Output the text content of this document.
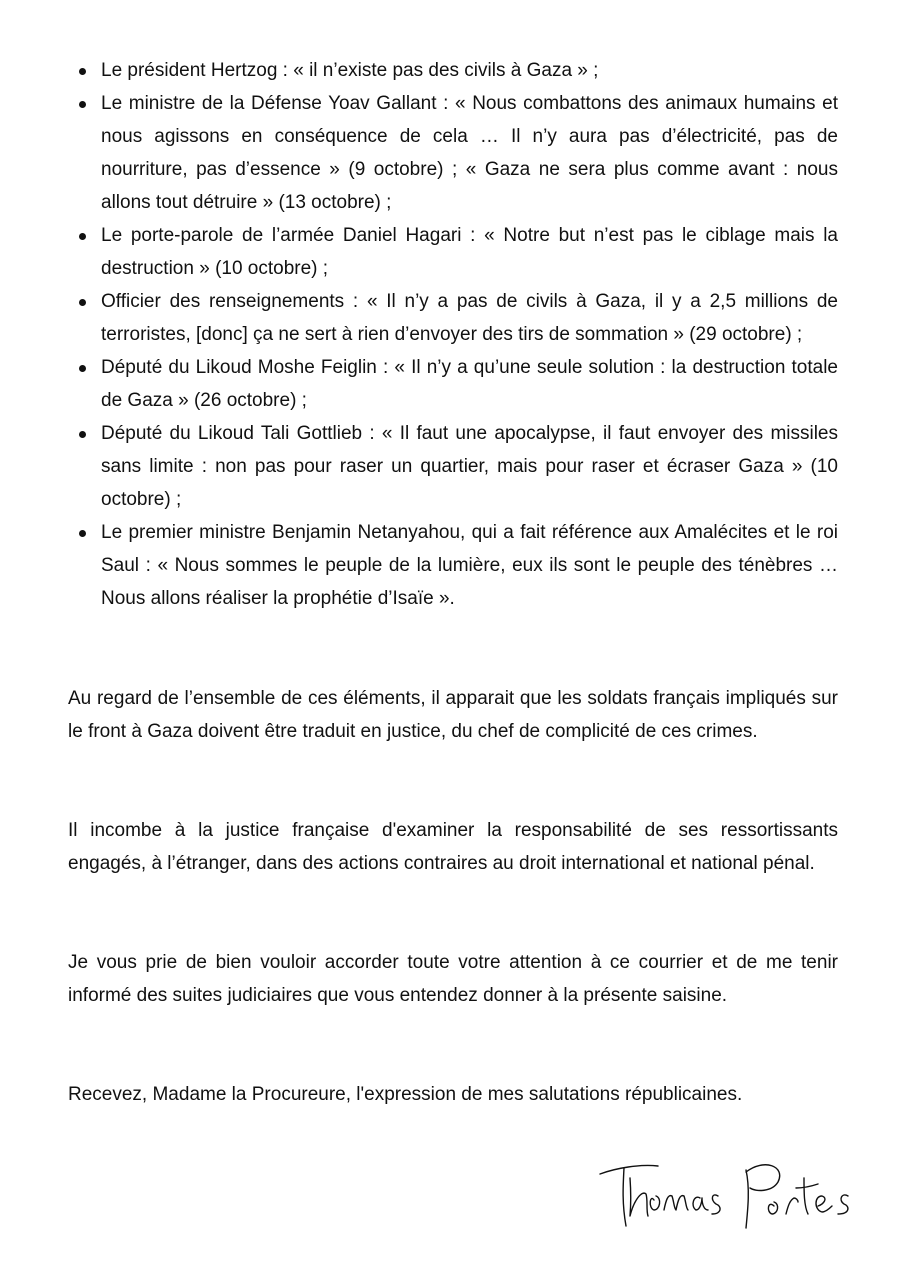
Le président Hertzog : « il n’existe pas des civils à Gaza » ;
Le ministre de la Défense Yoav Gallant : « Nous combattons des animaux humains et nous agissons en conséquence de cela … Il n’y aura pas d’électricité, pas de nourriture, pas d’essence » (9 octobre) ; « Gaza ne sera plus comme avant : nous allons tout détruire » (13 octobre) ;
Le porte-parole de l’armée Daniel Hagari : « Notre but n’est pas le ciblage mais la destruction » (10 octobre) ;
Officier des renseignements : « Il n’y a pas de civils à Gaza, il y a 2,5 millions de terroristes, [donc] ça ne sert à rien d’envoyer des tirs de sommation » (29 octobre) ;
Député du Likoud Moshe Feiglin : « Il n’y a qu’une seule solution : la destruction totale de Gaza » (26 octobre) ;
Député du Likoud Tali Gottlieb : « Il faut une apocalypse, il faut envoyer des missiles sans limite : non pas pour raser un quartier, mais pour raser et écraser Gaza » (10 octobre) ;
Le premier ministre Benjamin Netanyahou, qui a fait référence aux Amalécites et le roi Saul : « Nous sommes le peuple de la lumière, eux ils sont le peuple des ténèbres … Nous allons réaliser la prophétie d’Isaïe ».

Au regard de l’ensemble de ces éléments, il apparait que les soldats français impliqués sur le front à Gaza doivent être traduit en justice, du chef de complicité de ces crimes.

Il incombe à la justice française d'examiner la responsabilité de ses ressortissants engagés, à l’étranger, dans des actions contraires au droit international et national pénal.

Je vous prie de bien vouloir accorder toute votre attention à ce courrier et de me tenir informé des suites judiciaires que vous entendez donner à la présente saisine.

Recevez, Madame la Procureure, l'expression de mes salutations républicaines.
